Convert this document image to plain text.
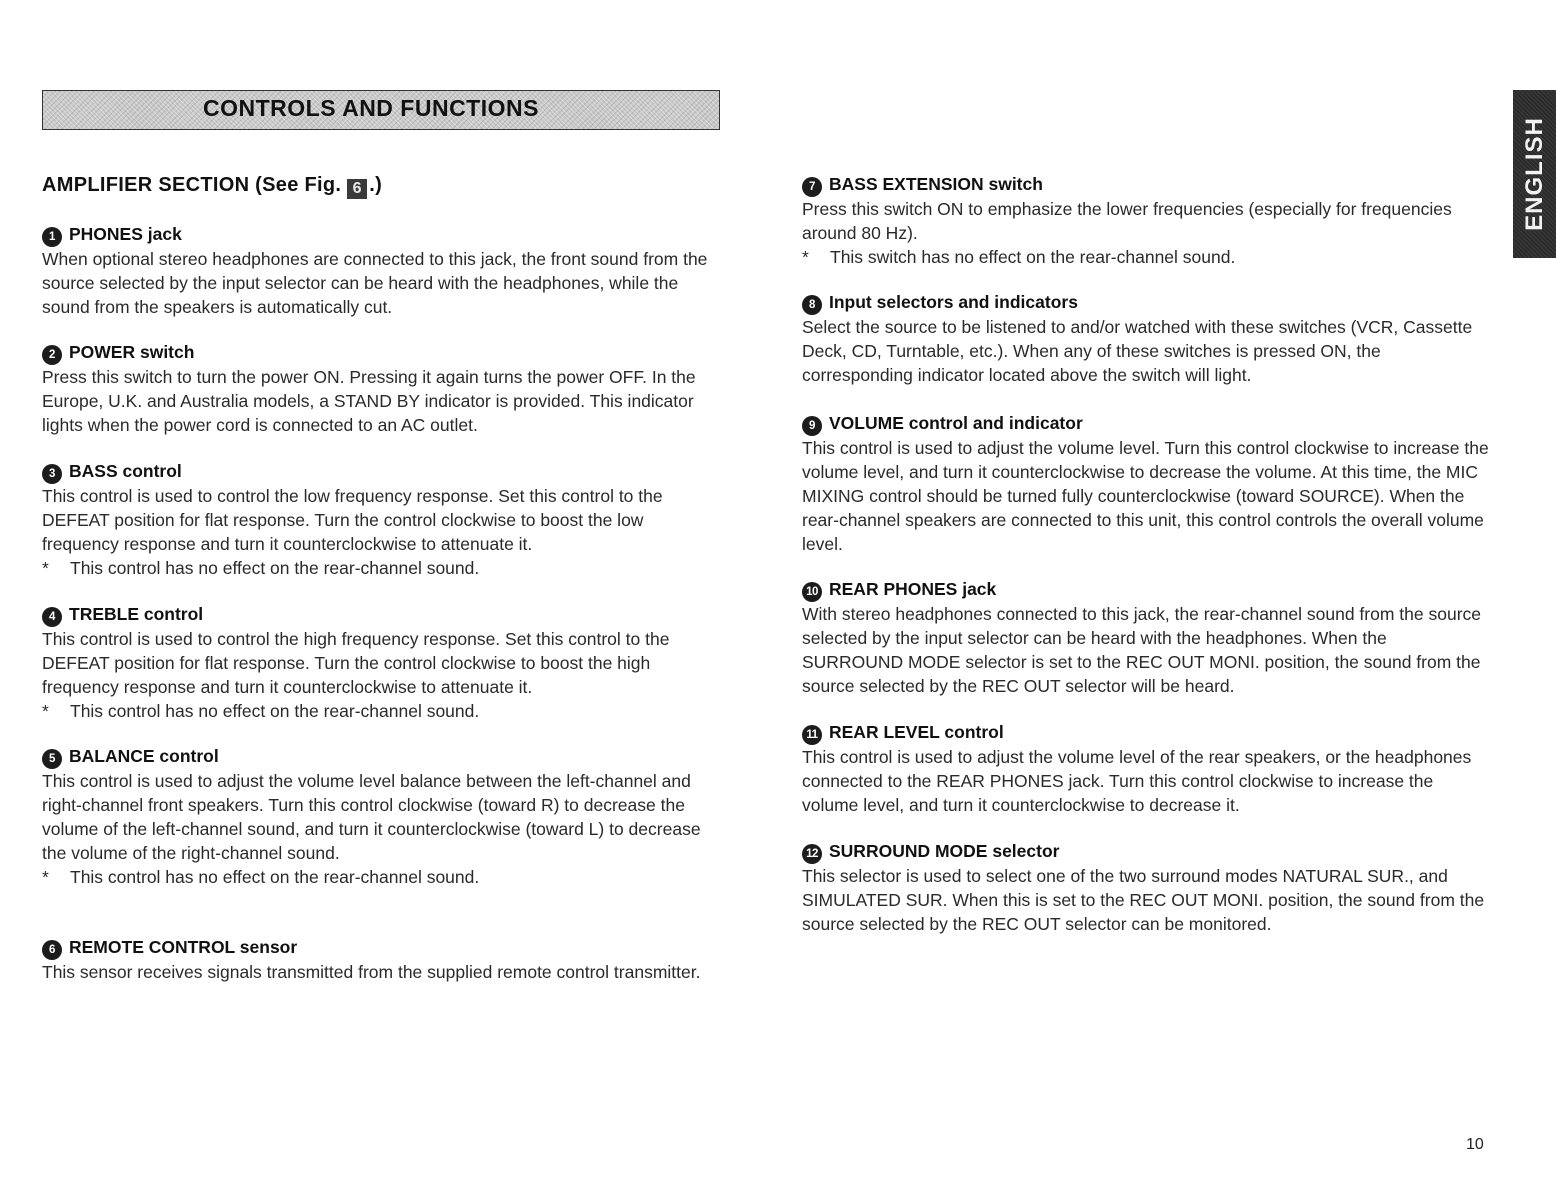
CONTROLS AND FUNCTIONS
AMPLIFIER SECTION (See Fig. 6 .)
1 PHONES jack

When optional stereo headphones are connected to this jack, the front sound from the source selected by the input selector can be heard with the headphones, while the sound from the speakers is automatically cut.

2 POWER switch

Press this switch to turn the power ON. Pressing it again turns the power OFF. In the Europe, U.K. and Australia models, a STAND BY indicator is provided. This indicator lights when the power cord is connected to an AC outlet.

3 BASS control

This control is used to control the low frequency response. Set this control to the DEFEAT position for flat response. Turn the control clockwise to boost the low frequency response and turn it counterclockwise to attenuate it.

* This control has no effect on the rear-channel sound.
4 TREBLE control

This control is used to control the high frequency response. Set this control to the DEFEAT position for flat response. Turn the control clockwise to boost the high frequency response and turn it counterclockwise to attenuate it.

* This control has no effect on the rear-channel sound.
5 BALANCE control

This control is used to adjust the volume level balance between the left-channel and right-channel front speakers. Turn this control clockwise (toward R) to decrease the volume of the left-channel sound, and turn it counterclockwise (toward L) to decrease the volume of the right-channel sound.

* This control has no effect on the rear-channel sound.
6 REMOTE CONTROL sensor

This sensor receives signals transmitted from the supplied remote control transmitter.

7 BASS EXTENSION switch

Press this switch ON to emphasize the lower frequencies (especially for frequencies around 80 Hz).

* This switch has no effect on the rear-channel sound.
8 Input selectors and indicators

Select the source to be listened to and/or watched with these switches (VCR, Cassette Deck, CD, Turntable, etc.). When any of these switches is pressed ON, the corresponding indicator located above the switch will light.

9 VOLUME control and indicator

This control is used to adjust the volume level. Turn this control clockwise to increase the volume level, and turn it counterclockwise to decrease the volume. At this time, the MIC MIXING control should be turned fully counterclockwise (toward SOURCE). When the rear-channel speakers are connected to this unit, this control controls the overall volume level.

10 REAR PHONES jack

With stereo headphones connected to this jack, the rear-channel sound from the source selected by the input selector can be heard with the headphones. When the SURROUND MODE selector is set to the REC OUT MONI. position, the sound from the source selected by the REC OUT selector will be heard.

11 REAR LEVEL control

This control is used to adjust the volume level of the rear speakers, or the headphones connected to the REAR PHONES jack. Turn this control clockwise to increase the volume level, and turn it counterclockwise to decrease it.

12 SURROUND MODE selector

This selector is used to select one of the two surround modes NATURAL SUR., and SIMULATED SUR. When this is set to the REC OUT MONI. position, the sound from the source selected by the REC OUT selector can be monitored.

ENGLISH
10
